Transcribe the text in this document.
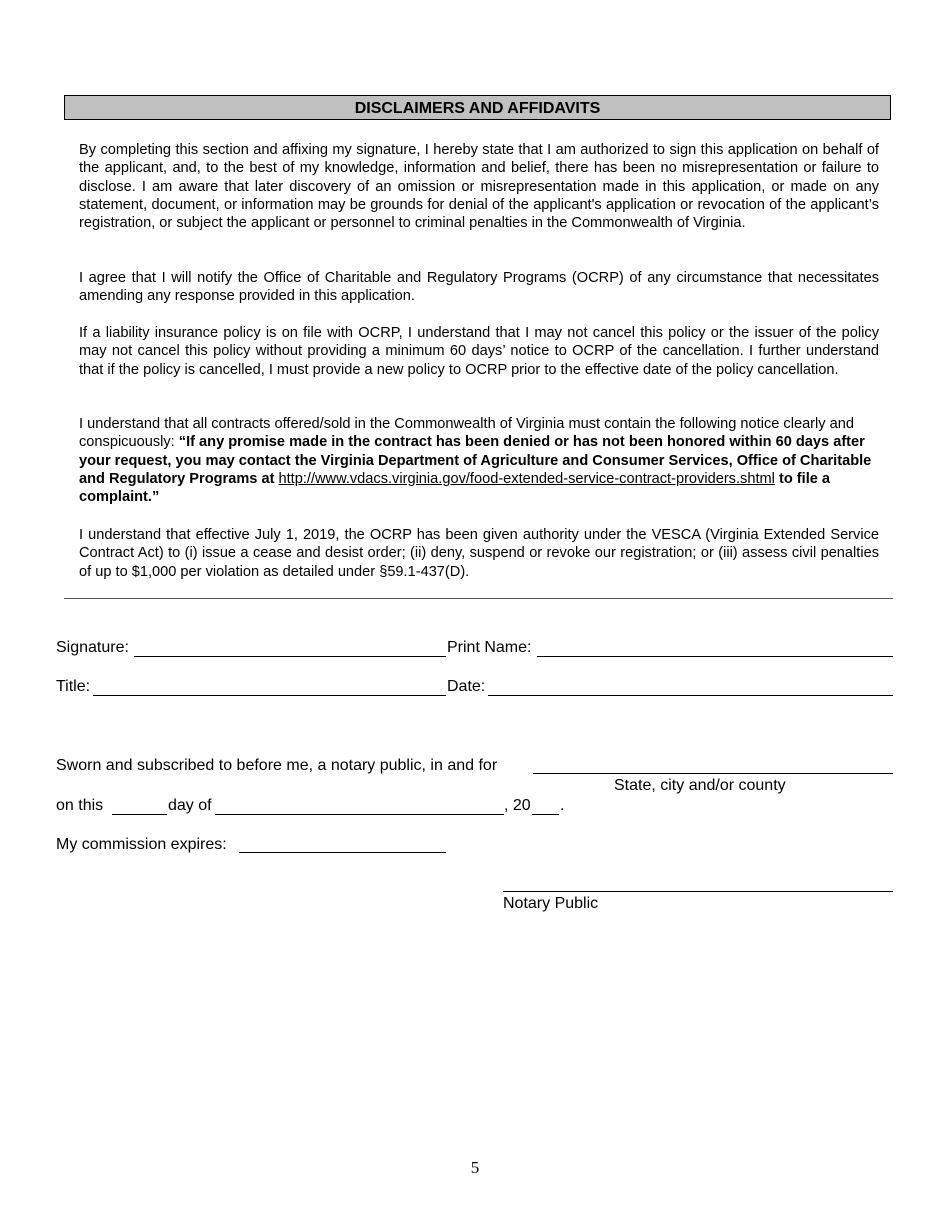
DISCLAIMERS AND AFFIDAVITS
By completing this section and affixing my signature, I hereby state that I am authorized to sign this application on behalf of the applicant, and, to the best of my knowledge, information and belief, there has been no misrepresentation or failure to disclose. I am aware that later discovery of an omission or misrepresentation made in this application, or made on any statement, document, or information may be grounds for denial of the applicant's application or revocation of the applicant’s registration, or subject the applicant or personnel to criminal penalties in the Commonwealth of Virginia.
I agree that I will notify the Office of Charitable and Regulatory Programs (OCRP) of any circumstance that necessitates amending any response provided in this application.
If a liability insurance policy is on file with OCRP, I understand that I may not cancel this policy or the issuer of the policy may not cancel this policy without providing a minimum 60 days’ notice to OCRP of the cancellation. I further understand that if the policy is cancelled, I must provide a new policy to OCRP prior to the effective date of the policy cancellation.
I understand that all contracts offered/sold in the Commonwealth of Virginia must contain the following notice clearly and conspicuously: “If any promise made in the contract has been denied or has not been honored within 60 days after your request, you may contact the Virginia Department of Agriculture and Consumer Services, Office of Charitable and Regulatory Programs at http://www.vdacs.virginia.gov/food-extended-service-contract-providers.shtml to file a complaint.”
I understand that effective July 1, 2019, the OCRP has been given authority under the VESCA (Virginia Extended Service Contract Act) to (i) issue a cease and desist order; (ii) deny, suspend or revoke our registration; or (iii) assess civil penalties of up to $1,000 per violation as detailed under §59.1-437(D).
Signature:	Print Name:
Title:	Date:
Sworn and subscribed to before me, a notary public, in and for
State, city and/or county
on this	day of	, 20 .
My commission expires:
Notary Public
5
